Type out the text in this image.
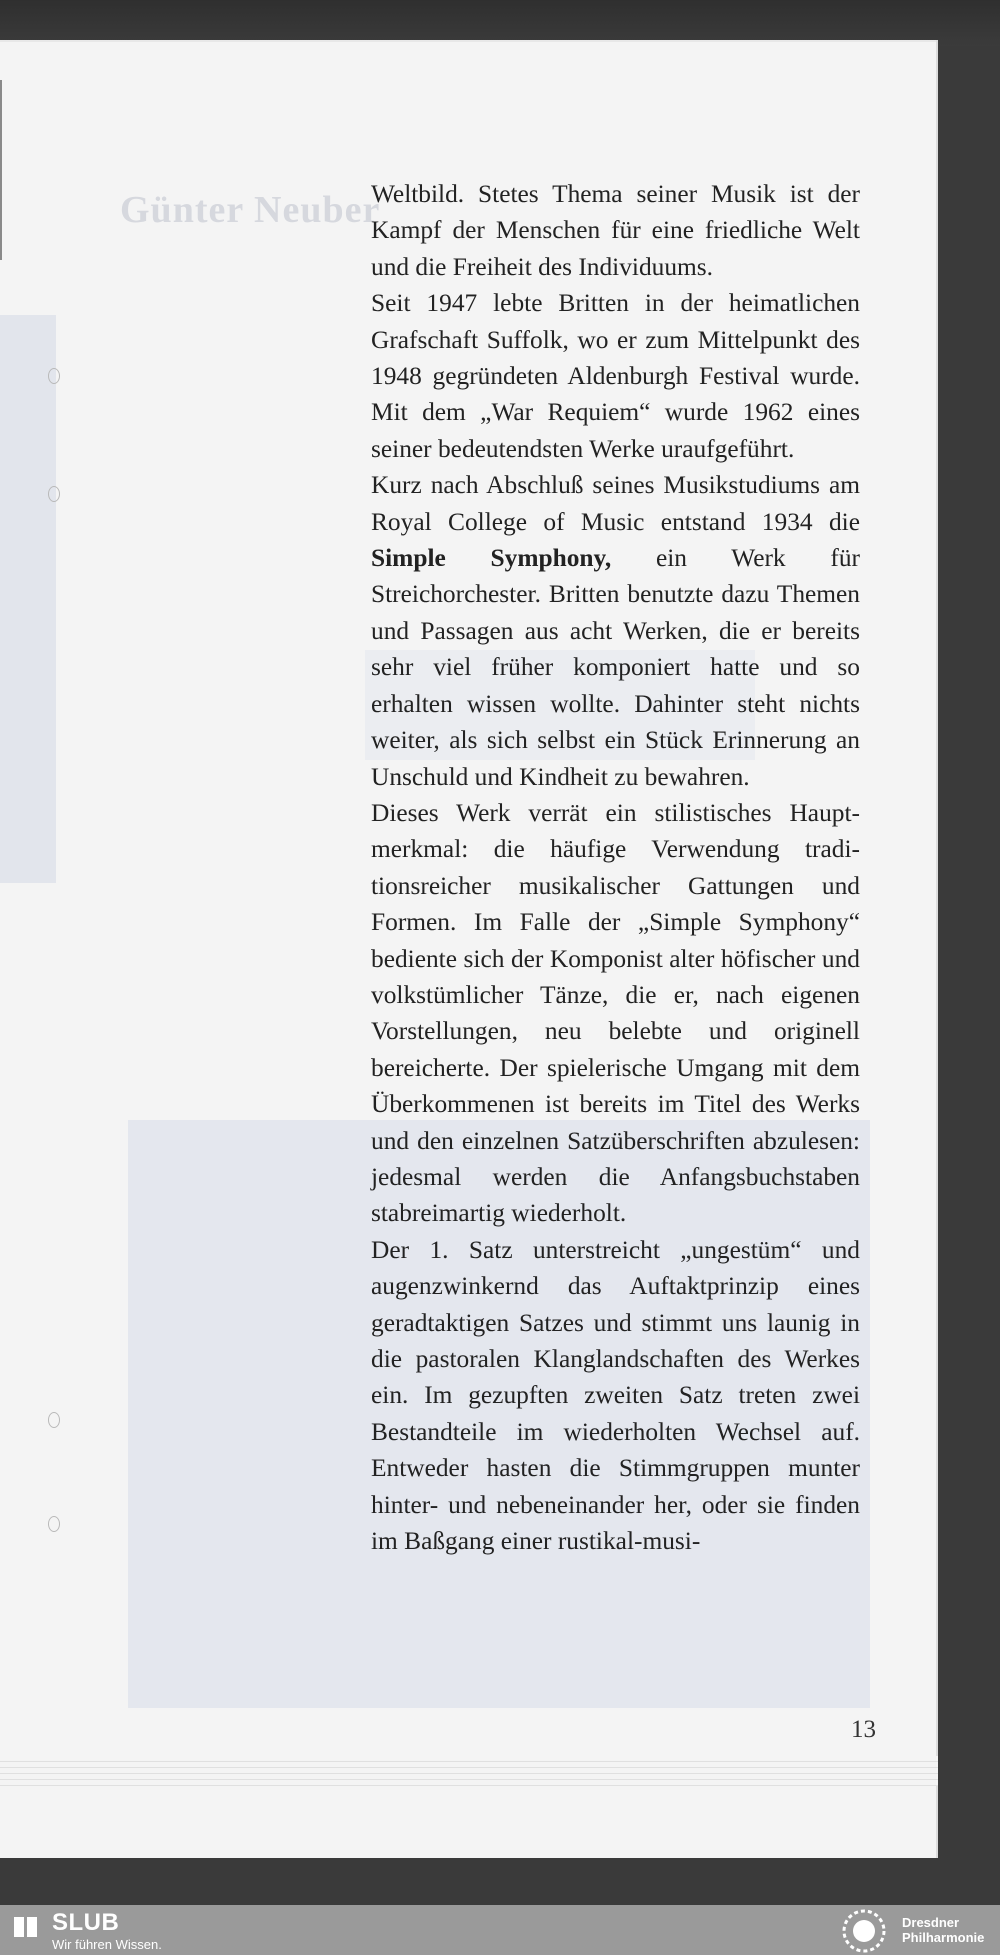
Günter Neuber

Weltbild. Stetes Thema seiner Musik ist der Kampf der Menschen für eine friedliche Welt und die Freiheit des Individuums.

Seit 1947 lebte Britten in der heimatlichen Grafschaft Suffolk, wo er zum Mittelpunkt des 1948 gegründeten Aldenburgh Festival wurde. Mit dem „War Requiem“ wurde 1962 eines seiner bedeutendsten Werke uraufgeführt.

Kurz nach Abschluß seines Musikstudiums am Royal College of Music entstand 1934 die Simple Symphony, ein Werk für Streichorchester. Britten benutzte dazu Themen und Passagen aus acht Werken, die er bereits sehr viel früher komponiert hatte und so erhalten wissen wollte. Dahinter steht nichts weiter, als sich selbst ein Stück Erinnerung an Unschuld und Kindheit zu bewahren.

Dieses Werk verrät ein stilistisches Hauptmerkmal: die häufige Verwendung traditionsreicher musikalischer Gattungen und Formen. Im Falle der „Simple Symphony“ bediente sich der Komponist alter höfischer und volkstümlicher Tänze, die er, nach eigenen Vorstellungen, neu belebte und originell bereicherte. Der spielerische Umgang mit dem Überkommenen ist bereits im Titel des Werks und den einzelnen Satzüberschriften abzulesen: jedesmal werden die Anfangsbuchstaben stabreimartig wiederholt.

Der 1. Satz unterstreicht „ungestüm“ und augenzwinkernd das Auftaktprinzip eines geradtaktigen Satzes und stimmt uns launig in die pastoralen Klanglandschaften des Werkes ein. Im gezupften zweiten Satz treten zwei Bestandteile im wiederholten Wechsel auf. Entweder hasten die Stimmgruppen munter hinter- und nebeneinander her, oder sie finden im Baßgang einer rustikal-musi-

13
SLUB
Wir führen Wissen.
Dresdner
Philharmonie
